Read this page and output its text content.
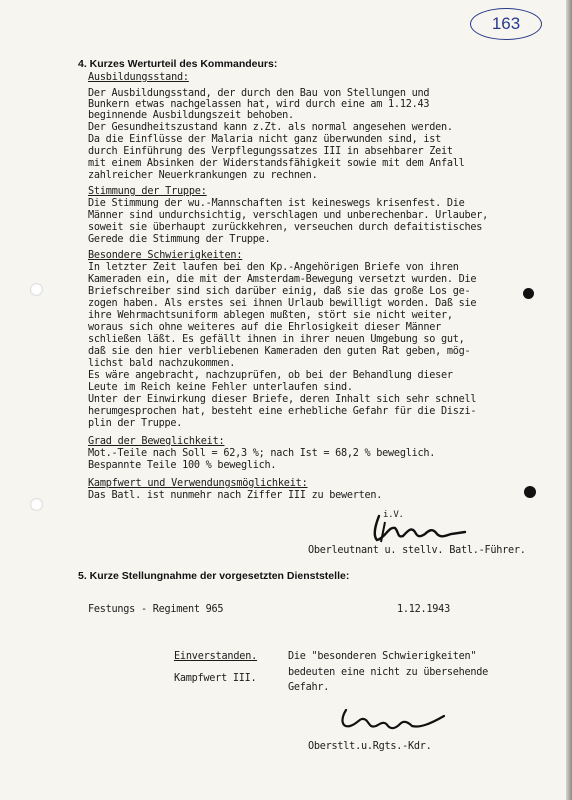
163
4. Kurzes Werturteil des Kommandeurs:
Ausbildungsstand:
Der Ausbildungsstand, der durch den Bau von Stellungen und
Bunkern etwas nachgelassen hat, wird durch eine am 1.12.43
beginnende Ausbildungszeit behoben.
Der Gesundheitszustand kann z.Zt. als normal angesehen werden.
Da die Einflüsse der Malaria nicht ganz überwunden sind, ist
durch Einführung des Verpflegungssatzes III in absehbarer Zeit
mit einem Absinken der Widerstandsfähigkeit sowie mit dem Anfall
zahlreicher Neuerkrankungen zu rechnen.
Stimmung der Truppe:
Die Stimmung der wu.-Mannschaften ist keineswegs krisenfest. Die
Männer sind undurchsichtig, verschlagen und unberechenbar. Urlauber,
soweit sie überhaupt zurückkehren, verseuchen durch defaitistisches
Gerede die Stimmung der Truppe.
Besondere Schwierigkeiten:
In letzter Zeit laufen bei den Kp.-Angehörigen Briefe von ihren
Kameraden ein, die mit der Amsterdam-Bewegung versetzt wurden. Die
Briefschreiber sind sich darüber einig, daß sie das große Los ge-
zogen haben. Als erstes sei ihnen Urlaub bewilligt worden. Daß sie
ihre Wehrmachtsuniform ablegen mußten, stört sie nicht weiter,
woraus sich ohne weiteres auf die Ehrlosigkeit dieser Männer
schließen läßt. Es gefällt ihnen in ihrer neuen Umgebung so gut,
daß sie den hier verbliebenen Kameraden den guten Rat geben, mög-
lichst bald nachzukommen.
Es wäre angebracht, nachzuprüfen, ob bei der Behandlung dieser
Leute im Reich keine Fehler unterlaufen sind.
Unter der Einwirkung dieser Briefe, deren Inhalt sich sehr schnell
herumgesprochen hat, besteht eine erhebliche Gefahr für die Diszi-
plin der Truppe.
Grad der Beweglichkeit:
Mot.-Teile nach Soll = 62,3 %; nach Ist = 68,2 % beweglich.
Bespannte Teile 100 % beweglich.
Kampfwert und Verwendungsmöglichkeit:
Das Batl. ist nunmehr nach Ziffer III zu bewerten.
i.V.
Oberleutnant u. stellv. Batl.-Führer.
5. Kurze Stellungnahme der vorgesetzten Dienststelle:
Festungs - Regiment 965	1.12.1943
Einverstanden.
Kampfwert III.
Die "besonderen Schwierigkeiten"
bedeuten eine nicht zu übersehende
Gefahr.
Oberstlt.u.Rgts.-Kdr.
